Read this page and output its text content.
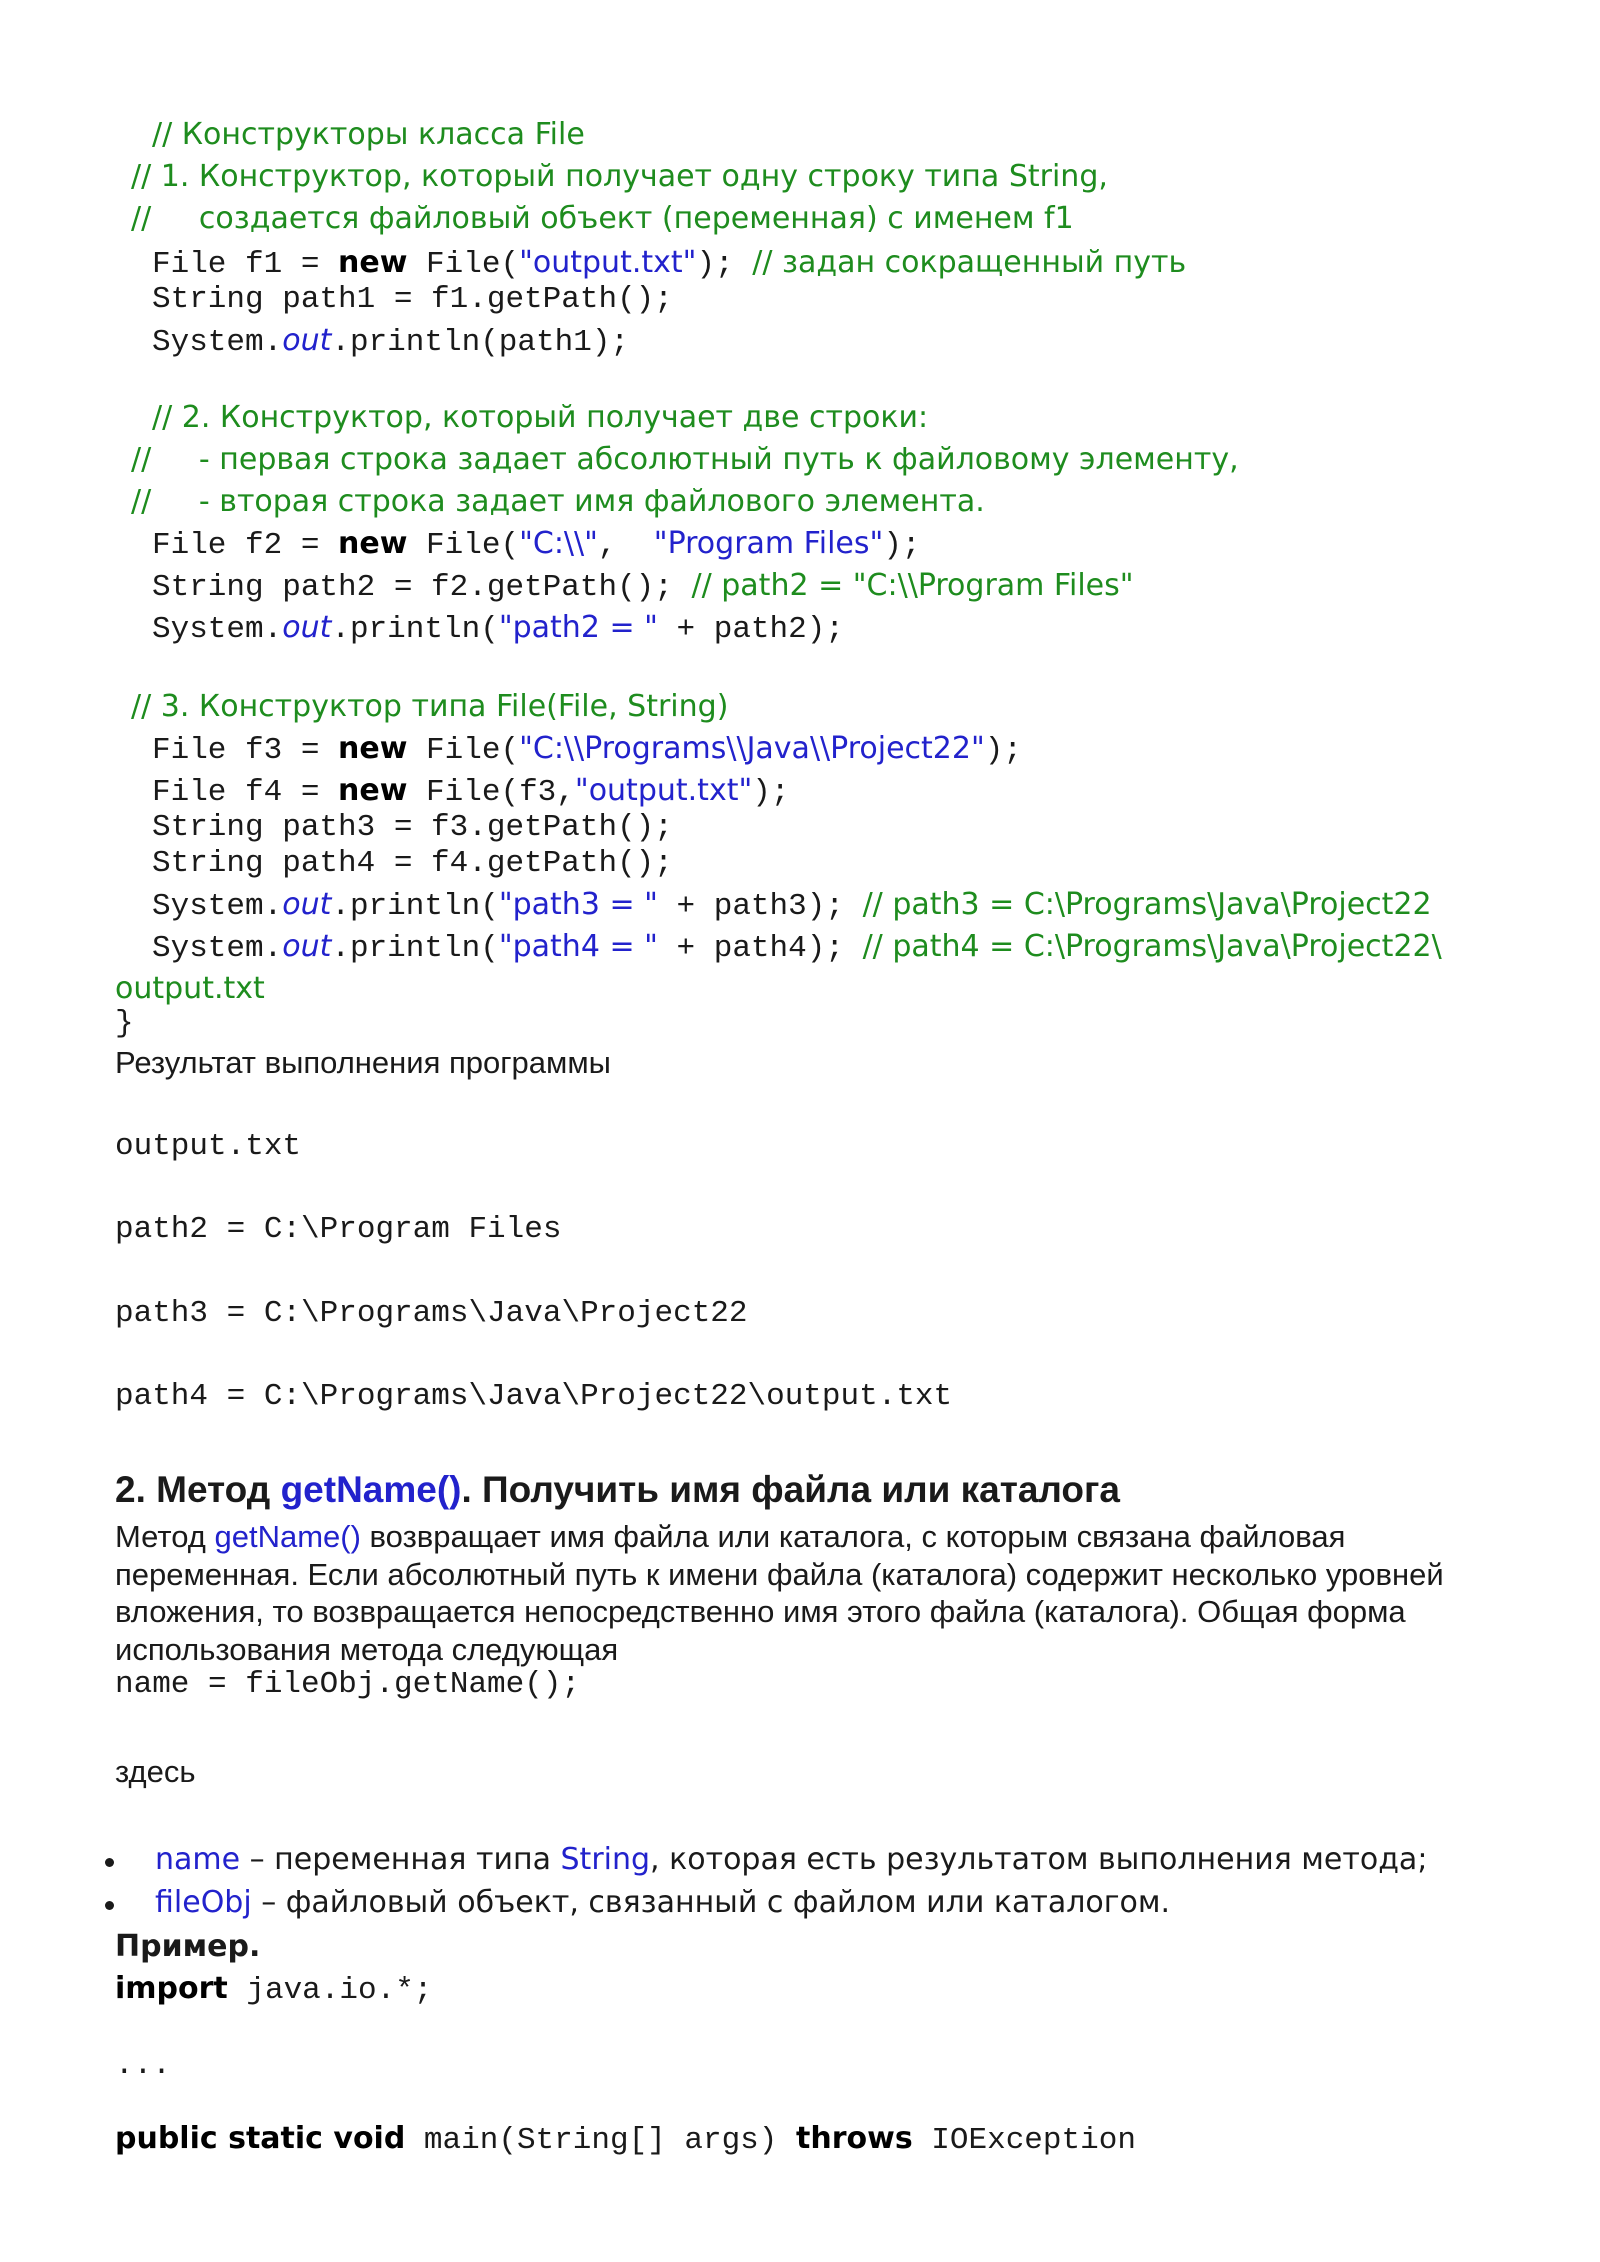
// Конструкторы класса File
// 1. Конструктор, который получает одну строку типа String,
//     создается файловый объект (переменная) с именем f1
File f1 = new File("output.txt"); // задан сокращенный путь
String path1 = f1.getPath();
System.out.println(path1);
// 2. Конструктор, который получает две строки:
//     - первая строка задает абсолютный путь к файловому элементу,
//     - вторая строка задает имя файлового элемента.
File f2 = new File("C:\\",  "Program Files");
String path2 = f2.getPath(); // path2 = "C:\\Program Files"
System.out.println("path2 = " + path2);
// 3. Конструктор типа File(File, String)
File f3 = new File("C:\\Programs\\Java\\Project22");
File f4 = new File(f3,"output.txt");
String path3 = f3.getPath();
String path4 = f4.getPath();
System.out.println("path3 = " + path3); // path3 = C:\Programs\Java\Project22
System.out.println("path4 = " + path4); // path4 = C:\Programs\Java\Project22\
output.txt
}
Результат выполнения программы
output.txt
path2 = C:\Program Files
path3 = C:\Programs\Java\Project22
path4 = C:\Programs\Java\Project22\output.txt
2. Метод getName(). Получить имя файла или каталога
Метод getName() возвращает имя файла или каталога, с которым связана файловая
переменная. Если абсолютный путь к имени файла (каталога) содержит несколько уровней
вложения, то возвращается непосредственно имя этого файла (каталога). Общая форма
использования метода следующая
name = fileObj.getName();
здесь
name – переменная типа String, которая есть результатом выполнения метода;
fileObj – файловый объект, связанный с файлом или каталогом.
Пример.
import java.io.*;
...
public static void main(String[] args) throws IOException
